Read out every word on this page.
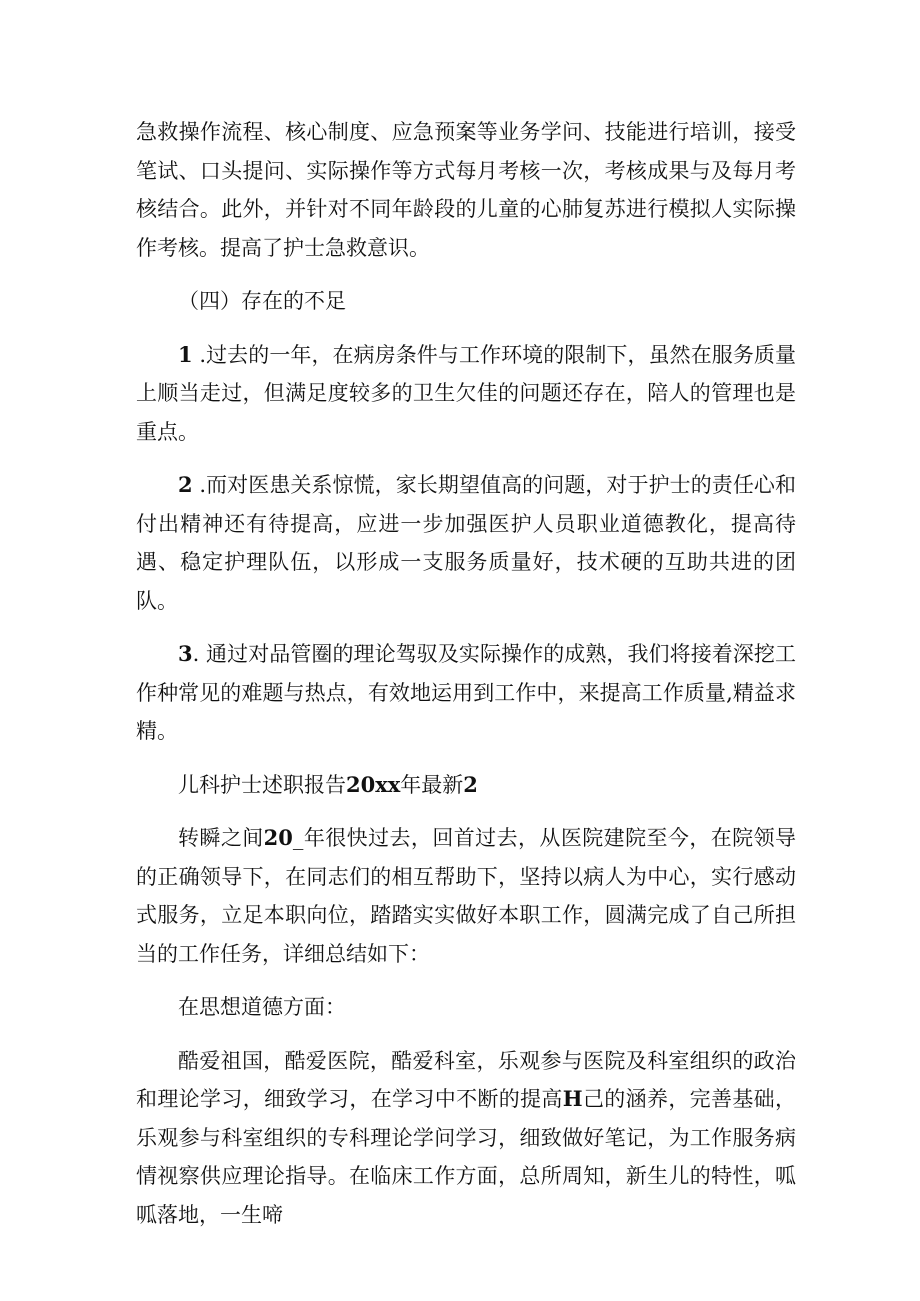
急救操作流程、核心制度、应急预案等业务学问、技能进行培训，接受笔试、口头提问、实际操作等方式每月考核一次，考核成果与及每月考核结合。此外，并针对不同年龄段的儿童的心肺复苏进行模拟人实际操作考核。提高了护士急救意识。

（四）存在的不足

1 .过去的一年，在病房条件与工作环境的限制下，虽然在服务质量上顺当走过，但满足度较多的卫生欠佳的问题还存在，陪人的管理也是重点。

2 .而对医患关系惊慌，家长期望值高的问题，对于护士的责任心和付出精神还有待提高，应进一步加强医护人员职业道德教化，提高待遇、稳定护理队伍，以形成一支服务质量好，技术硬的互助共进的团队。

3. 通过对品管圈的理论驾驭及实际操作的成熟，我们将接着深挖工作种常见的难题与热点，有效地运用到工作中，来提高工作质量,精益求精。

儿科护士述职报告20xx年最新2

转瞬之间20_年很快过去，回首过去，从医院建院至今，在院领导的正确领导下，在同志们的相互帮助下，坚持以病人为中心，实行感动式服务，立足本职向位，踏踏实实做好本职工作，圆满完成了自己所担当的工作任务，详细总结如下：

在思想道德方面：

酷爱祖国，酷爱医院，酷爱科室，乐观参与医院及科室组织的政治和理论学习，细致学习，在学习中不断的提高H己的涵养，完善基础，乐观参与科室组织的专科理论学问学习，细致做好笔记，为工作服务病情视察供应理论指导。在临床工作方面，总所周知，新生儿的特性，呱呱落地，一生啼
